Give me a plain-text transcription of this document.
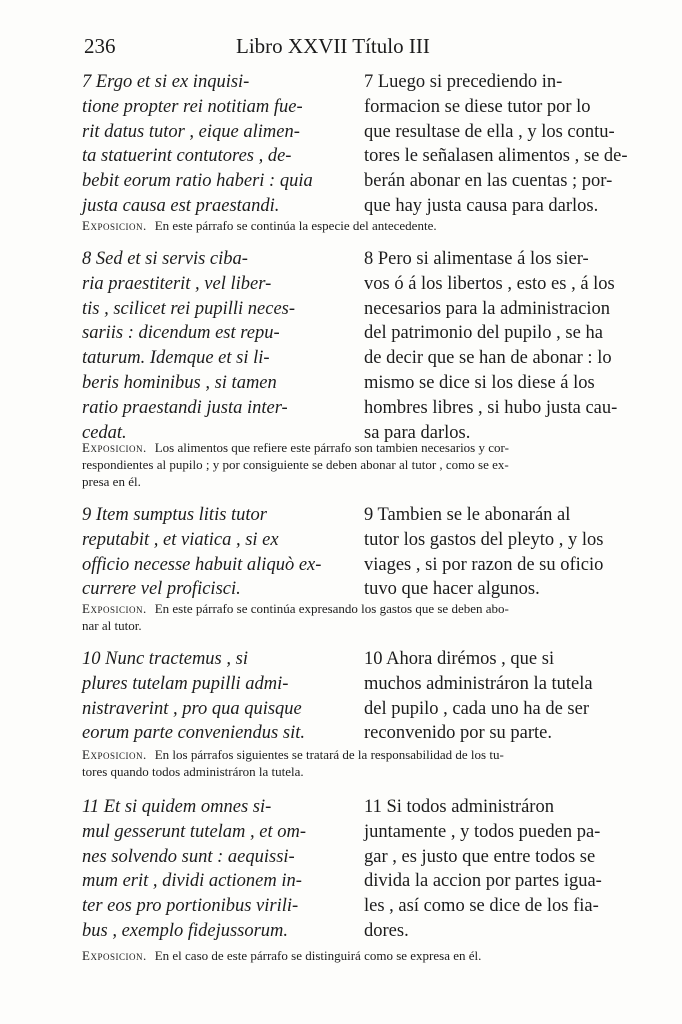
236	Libro XXVII Título III
7 Ergo et si ex inquisi-
tione propter rei notitiam fue-
rit datus tutor , eique alimen-
ta statuerint contutores , de-
bebit eorum ratio haberi : quia
justa causa est praestandi.
7 Luego si precediendo in-
formacion se diese tutor por lo
que resultase de ella , y los contu-
tores le señalasen alimentos , se de-
berán abonar en las cuentas ; por-
que hay justa causa para darlos.
Exposicion. En este párrafo se continúa la especie del antecedente.
8 Sed et si servis ciba-
ria praestiterit , vel liber-
tis , scilicet rei pupilli neces-
sariis : dicendum est repu-
taturum. Idemque et si li-
beris hominibus , si tamen
ratio praestandi justa inter-
cedat.
8 Pero si alimentase á los sier-
vos ó á los libertos , esto es , á los
necesarios para la administracion
del patrimonio del pupilo , se ha
de decir que se han de abonar : lo
mismo se dice si los diese á los
hombres libres , si hubo justa cau-
sa para darlos.
Exposicion. Los alimentos que refiere este párrafo son tambien necesarios y cor-
respondientes al pupilo ; y por consiguiente se deben abonar al tutor , como se ex-
presa en él.
9 Item sumptus litis tutor
reputabit , et viatica , si ex
officio necesse habuit aliquò ex-
currere vel proficisci.
9 Tambien se le abonarán al
tutor los gastos del pleyto , y los
viages , si por razon de su oficio
tuvo que hacer algunos.
Exposicion. En este párrafo se continúa expresando los gastos que se deben abo-
nar al tutor.
10 Nunc tractemus , si
plures tutelam pupilli admi-
nistraverint , pro qua quisque
eorum parte conveniendus sit.
10 Ahora dirémos , que si
muchos administráron la tutela
del pupilo , cada uno ha de ser
reconvenido por su parte.
Exposicion. En los párrafos siguientes se tratará de la responsabilidad de los tu-
tores quando todos administráron la tutela.
11 Et si quidem omnes si-
mul gesserunt tutelam , et om-
nes solvendo sunt : aequissi-
mum erit , dividi actionem in-
ter eos pro portionibus virili-
bus , exemplo fidejussorum.
11 Si todos administráron
juntamente , y todos pueden pa-
gar , es justo que entre todos se
divida la accion por partes igua-
les , así como se dice de los fia-
dores.
Exposicion. En el caso de este párrafo se distinguirá como se expresa en él.
